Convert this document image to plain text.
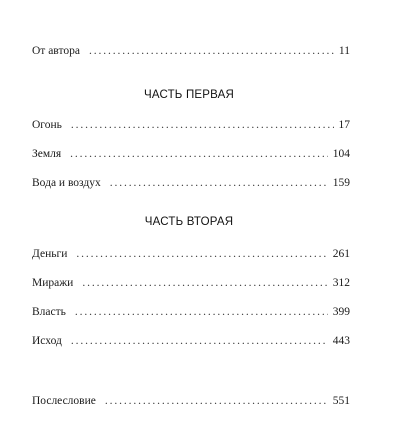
От автора . . .	11
ЧАСТЬ ПЕРВАЯ
Огонь . . .	17
Земля . . .	104
Вода и воздух . . .	159
ЧАСТЬ ВТОРАЯ
Деньги . . .	261
Миражи . . .	312
Власть . . .	399
Исход . . .	443
Послесловие . . .	551
